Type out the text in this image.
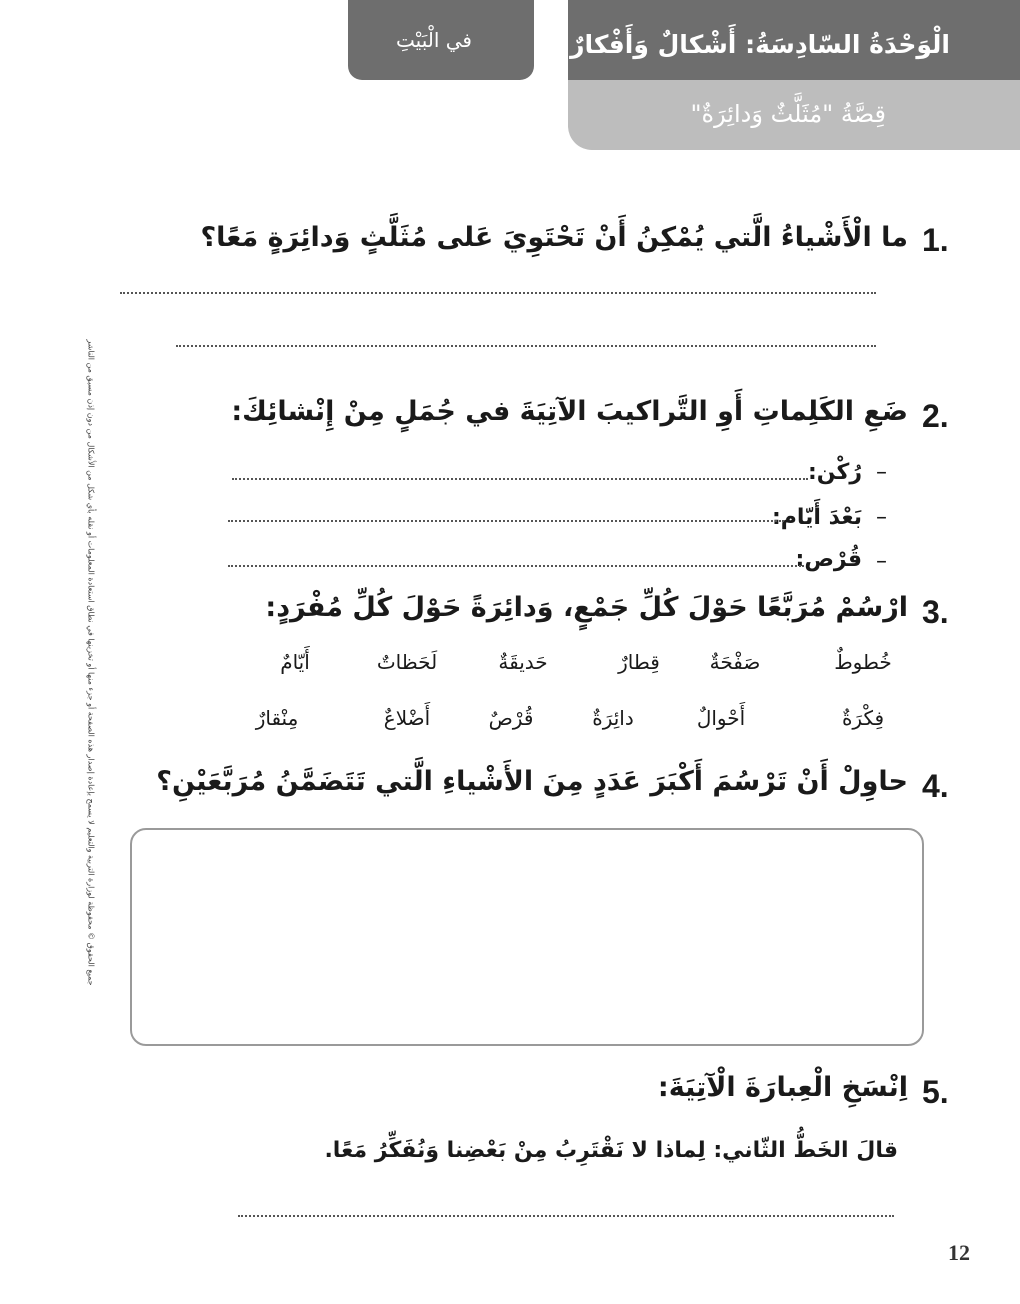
في الْبَيْتِ	الْوَحْدَةُ السّادِسَةُ: أَشْكالٌ وَأَفْكارٌ
قِصَّةُ "مُثَلَّثٌ وَدائِرَةٌ"
جميع الحقوق © محفوظة لوزارة التربية والتعليم لا يسمح بإعادة إصدار هذه الصفحة أو جزء منها أو تخزينها في نطاق استعادة المعلومات أو نقله بأي شكل من الأشكال من دون إذن مسبق من الناشر
1.
ما الْأَشْياءُ الَّتي يُمْكِنُ أَنْ تَحْتَوِيَ عَلى مُثَلَّثٍ وَدائِرَةٍ مَعًا؟
2.
ضَعِ الكَلِماتِ أَوِ التَّراكيبَ الآتِيَةَ في جُمَلٍ مِنْ إِنْشائِكَ:
–
رُكْن:
–
بَعْدَ أَيّام:
–
قُرْص:
3.
ارْسُمْ مُرَبَّعًا حَوْلَ كُلِّ جَمْعٍ، وَدائِرَةً حَوْلَ كُلِّ مُفْرَدٍ:
خُطوطٌ
صَفْحَةٌ
قِطارٌ
حَديقَةٌ
لَحَظاتٌ
أَيّامٌ
فِكْرَةٌ
أَحْوالٌ
دائِرَةٌ
قُرْصٌ
أَضْلاعٌ
مِنْقارٌ
4.
حاوِلْ أَنْ تَرْسُمَ أَكْبَرَ عَدَدٍ مِنَ الأَشْياءِ الَّتي تَتَضَمَّنُ مُرَبَّعَيْنِ؟
5.
اِنْسَخِ الْعِبارَةَ الْآتِيَةَ:
قالَ الخَطُّ الثّاني: لِماذا لا نَقْتَرِبُ مِنْ بَعْضِنا وَنُفَكِّرُ مَعًا.
12
